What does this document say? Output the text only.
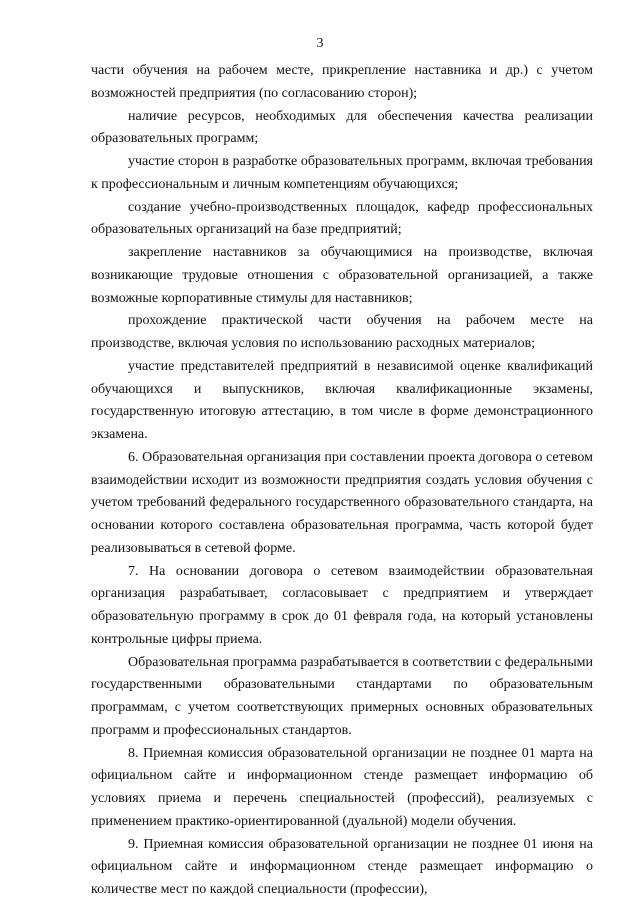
3

части обучения на рабочем месте, прикрепление наставника и др.) с учетом возможностей предприятия (по согласованию сторон);

наличие ресурсов, необходимых для обеспечения качества реализации образовательных программ;

участие сторон в разработке образовательных программ, включая требования к профессиональным и личным компетенциям обучающихся;

создание учебно-производственных площадок, кафедр профессиональных образовательных организаций на базе предприятий;

закрепление наставников за обучающимися на производстве, включая возникающие трудовые отношения с образовательной организацией, а также возможные корпоративные стимулы для наставников;

прохождение практической части обучения на рабочем месте на производстве, включая условия по использованию расходных материалов;

участие представителей предприятий в независимой оценке квалификаций обучающихся и выпускников, включая квалификационные экзамены, государственную итоговую аттестацию, в том числе в форме демонстрационного экзамена.

6. Образовательная организация при составлении проекта договора о сетевом взаимодействии исходит из возможности предприятия создать условия обучения с учетом требований федерального государственного образовательного стандарта, на основании которого составлена образовательная программа, часть которой будет реализовываться в сетевой форме.

7. На основании договора о сетевом взаимодействии образовательная организация разрабатывает, согласовывает с предприятием и утверждает образовательную программу в срок до 01 февраля года, на который установлены контрольные цифры приема.

Образовательная программа разрабатывается в соответствии с федеральными государственными образовательными стандартами по образовательным программам, с учетом соответствующих примерных основных образовательных программ и профессиональных стандартов.

8. Приемная комиссия образовательной организации не позднее 01 марта на официальном сайте и информационном стенде размещает информацию об условиях приема и перечень специальностей (профессий), реализуемых с применением практико-ориентированной (дуальной) модели обучения.

9. Приемная комиссия образовательной организации не позднее 01 июня на официальном сайте и информационном стенде размещает информацию о количестве мест по каждой специальности (профессии),
